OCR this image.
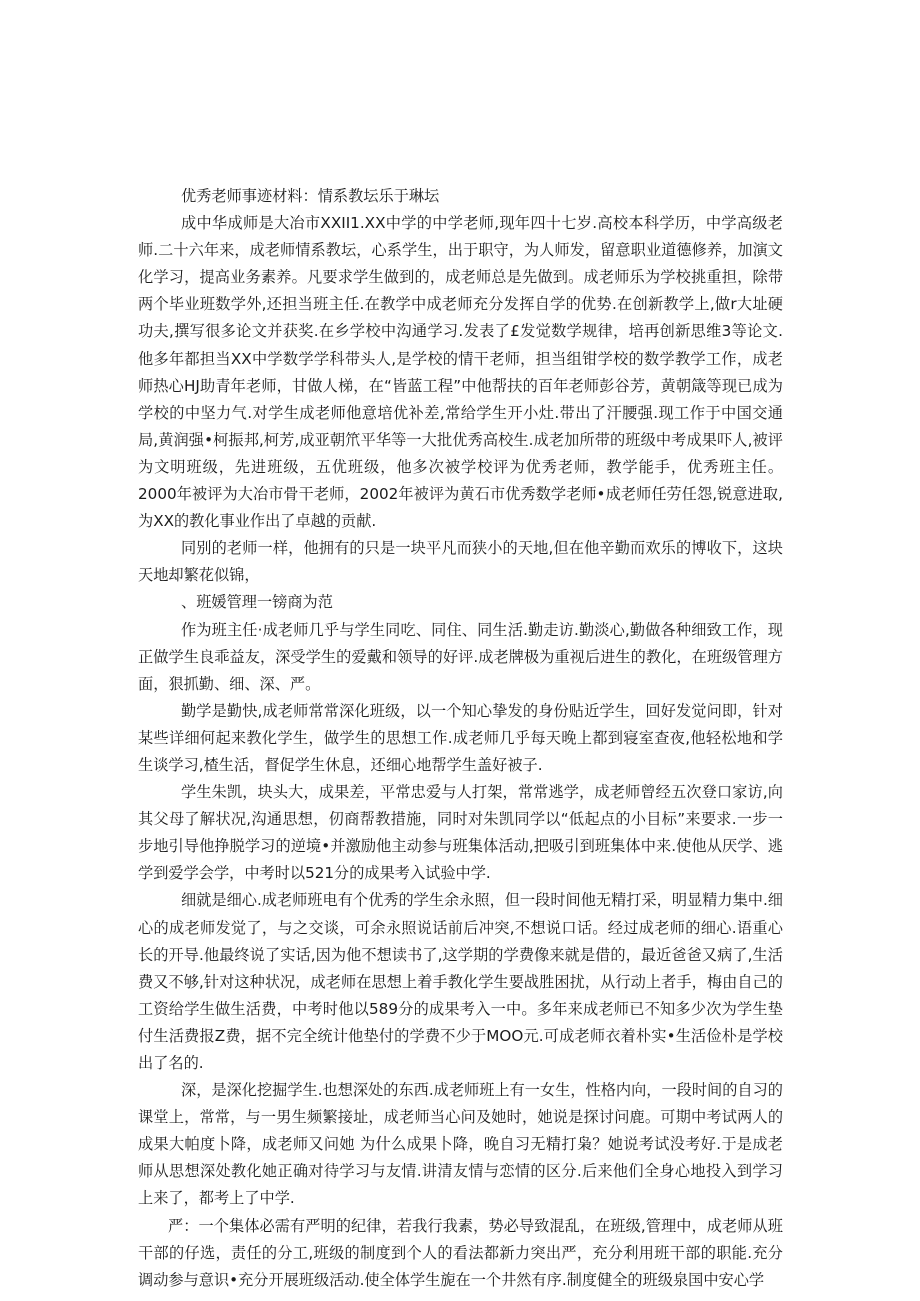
优秀老师事迹材料：情系教坛乐于琳坛

成中华成师是大冶市XXII1.XX中学的中学老师,现年四十七岁.高校本科学历，中学高级老师.二十六年来，成老师情系教坛，心系学生，出于职守，为人师发，留意职业道德修养，加演文化学习，提高业务素养。凡要求学生做到的，成老师总是先做到。成老师乐为学校挑重担，除带两个毕业班数学外,还担当班主任.在教学中成老师充分发挥自学的优势.在创新教学上,做r大址硬功夫,撰写很多论文并获奖.在乡学校中沟通学习.发表了£发觉数学规律，培再创新思维3等论文.他多年都担当XX中学数学学科带头人,是学校的情干老师，担当组钳学校的数学教学工作，成老师热心HJ助青年老师，甘做人梯，在“皆蓝工程”中他帮扶的百年老师彭谷芳，黄朝箴等现已成为学校的中坚力气.对学生成老师他意培优补差,常给学生开小灶.带出了汗腰强.现工作于中国交通局,黄润强•柯振邦,柯芳,成亚朝笊平华等一大批优秀高校生.成老加所带的班级中考成果吓人,被评为文明班级，先进班级，五优班级，他多次被学校评为优秀老师，教学能手，优秀班主任。2000年被评为大冶市骨干老师，2002年被评为黄石市优秀数学老师•成老师任劳任怨,锐意进取,为XX的教化事业作出了卓越的贡献.

同别的老师一样，他拥有的只是一块平凡而狭小的天地,但在他辛勤而欢乐的博收下，这块天地却繁花似锦，

、班媛管理一镑商为范

作为班主任·成老师几乎与学生同吃、同住、同生活.勤走访.勤淡心,勤做各种细致工作，现正做学生良乖益友，深受学生的爱戴和领导的好评.成老牌极为重视后进生的教化，在班级管理方面，狠抓勤、细、深、严。

勤学是勤快,成老师常常深化班级，以一个知心挚发的身份贴近学生，回好发觉问即，针对某些详细何起来教化学生，做学生的思想工作.成老师几乎每天晚上都到寝室查夜,他轻松地和学生谈学习,楂生活，督促学生休息，还细心地帮学生盖好被子.

学生朱凯，块头大，成果差，平常忠爱与人打架，常常逃学，成老师曾经五次登口家访,向其父母了解状况,沟通思想，仞商帮教措施，同时对朱凯同学以“低起点的小目标”来要求.一步一步地引导他挣脱学习的逆境•并激励他主动参与班集体活动,把吸引到班集体中来.使他从厌学、逃学到爱学会学，中考时以521分的成果考入试验中学.

细就是细心.成老师班电有个优秀的学生余永照，但一段时间他无精打采，明显精力集中.细心的成老师发觉了，与之交谈，可余永照说话前后冲突,不想说口话。经过成老师的细心.语重心长的开导.他最终说了实话,因为他不想读书了,这学期的学费像来就是借的，最近爸爸又病了,生活费又不够,针对这种状况，成老师在思想上着手教化学生要战胜困扰，从行动上者手，梅由自己的工资给学生做生活费，中考时他以589分的成果考入一中。多年来成老师已不知多少次为学生垫付生活费报Z费，据不完全统计他垫付的学费不少于MOO元.可成老师衣着朴实•生活俭朴是学校出了名的.

深，是深化挖掘学生.也想深处的东西.成老师班上有一女生，性格内向，一段时间的自习的课堂上，常常，与一男生频繁接址，成老师当心问及她时，她说是探讨问鹿。可期中考试两人的成果大帕度卜降，成老师又问她 为什么成果卜降，晚自习无精打枭？她说考试没考好.于是成老师从思想深处教化她正确对待学习与友情.讲清友情与恋情的区分.后来他们全身心地投入到学习上来了，都考上了中学.

严：一个集体必需有严明的纪律，若我行我素，势必导致混乱，在班级,管理中，成老师从班干部的仔选，责任的分工,班级的制度到个人的看法都新力突出严，充分利用班干部的职能.充分调动参与意识•充分开展班级活动.使全体学生旎在一个井然有序.制度健全的班级泉国中安心学
